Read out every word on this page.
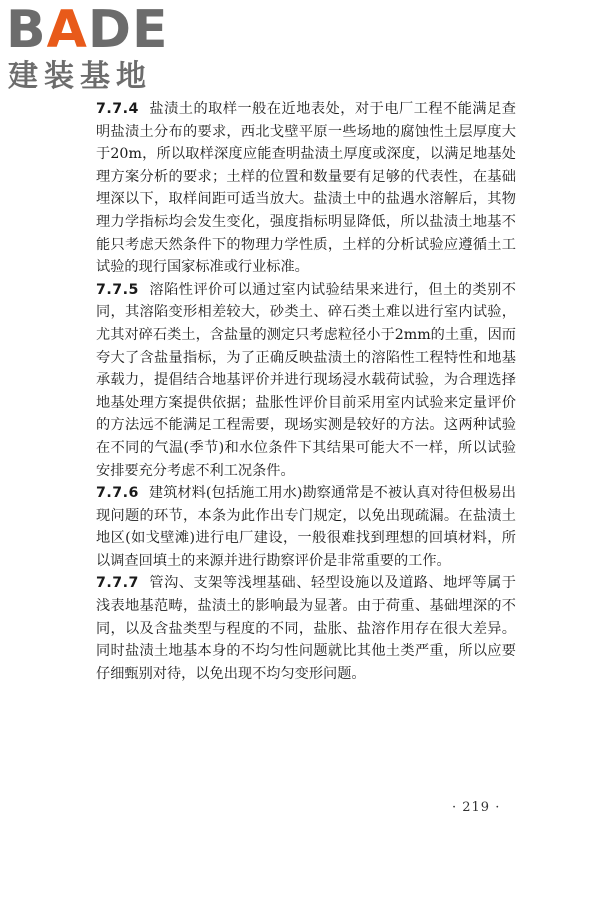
BADE
建装基地

7.7.4 盐渍土的取样一般在近地表处，对于电厂工程不能满足查明盐渍土分布的要求，西北戈壁平原一些场地的腐蚀性土层厚度大于20m，所以取样深度应能查明盐渍土厚度或深度，以满足地基处理方案分析的要求；土样的位置和数量要有足够的代表性，在基础埋深以下，取样间距可适当放大。盐渍土中的盐遇水溶解后，其物理力学指标均会发生变化，强度指标明显降低，所以盐渍土地基不能只考虑天然条件下的物理力学性质，土样的分析试验应遵循土工试验的现行国家标准或行业标准。

7.7.5 溶陷性评价可以通过室内试验结果来进行，但土的类别不同，其溶陷变形相差较大，砂类土、碎石类土难以进行室内试验，尤其对碎石类土，含盐量的测定只考虑粒径小于2mm的土重，因而夸大了含盐量指标，为了正确反映盐渍土的溶陷性工程特性和地基承载力，提倡结合地基评价并进行现场浸水载荷试验，为合理选择地基处理方案提供依据；盐胀性评价目前采用室内试验来定量评价的方法远不能满足工程需要，现场实测是较好的方法。这两种试验在不同的气温(季节)和水位条件下其结果可能大不一样，所以试验安排要充分考虑不利工况条件。

7.7.6 建筑材料(包括施工用水)勘察通常是不被认真对待但极易出现问题的环节，本条为此作出专门规定，以免出现疏漏。在盐渍土地区(如戈壁滩)进行电厂建设，一般很难找到理想的回填材料，所以调查回填土的来源并进行勘察评价是非常重要的工作。

7.7.7 管沟、支架等浅埋基础、轻型设施以及道路、地坪等属于浅表地基范畴，盐渍土的影响最为显著。由于荷重、基础埋深的不同，以及含盐类型与程度的不同，盐胀、盐溶作用存在很大差异。同时盐渍土地基本身的不均匀性问题就比其他土类严重，所以应要仔细甄别对待，以免出现不均匀变形问题。

· 219 ·
